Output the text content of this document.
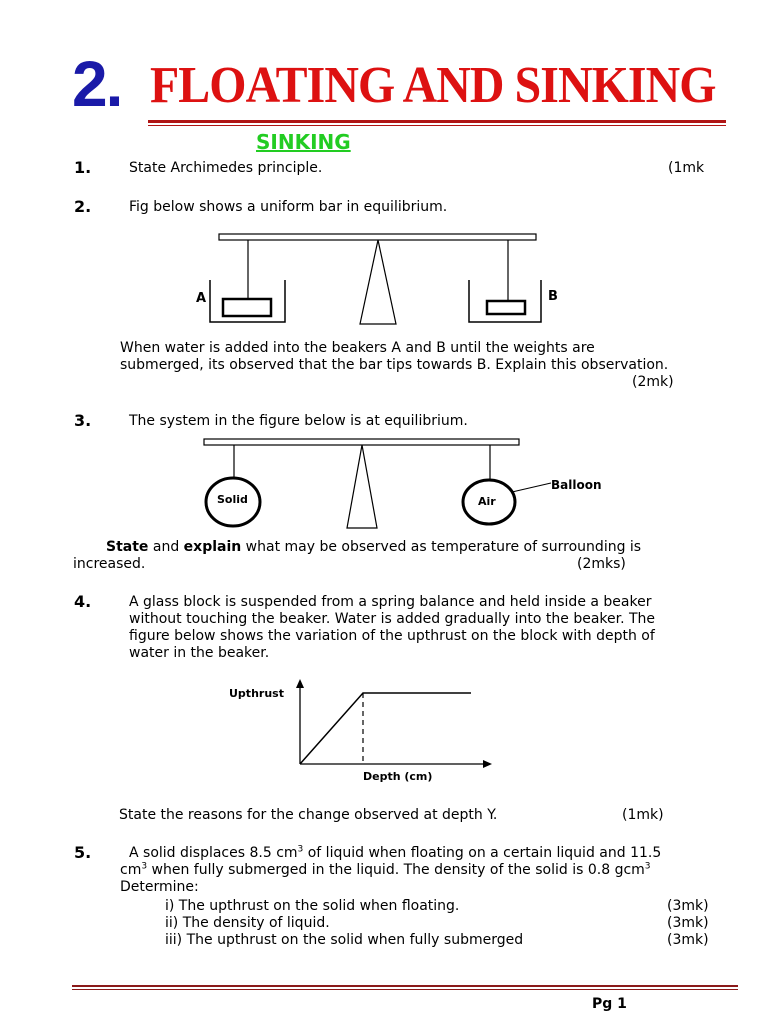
2. FLOATING AND SINKING
SINKING
1.	State Archimedes principle.	(1mk
2.	Fig below shows a uniform bar in equilibrium.
A	B
When water is added into the beakers A and B until the weights are
submerged, its observed that the bar tips towards B. Explain this observation.
(2mk)
3.	The system in the figure below is at equilibrium.
Solid	Air
Balloon
State and explain what may be observed as temperature of surrounding is
increased.	(2mks)
4.	A glass block is suspended from a spring balance and held inside a beaker
without touching the beaker. Water is added gradually into the beaker. The
figure below shows the variation of the upthrust on the block with depth of
water in the beaker.
Upthrust
Depth (cm)
State the reasons for the change observed at depth Y.	(1mk)
5.	A solid displaces 8.5 $cm^3$ of liquid when floating on a certain liquid and 11.5
$cm^3$ when fully submerged in the liquid. The density of the solid is 0.8 gcm$^3$
Determine:
i) The upthrust on the solid when floating.	(3mk)
ii) The density of liquid.	(3mk)
iii) The upthrust on the solid when fully submerged	(3mk)
Pg 1
